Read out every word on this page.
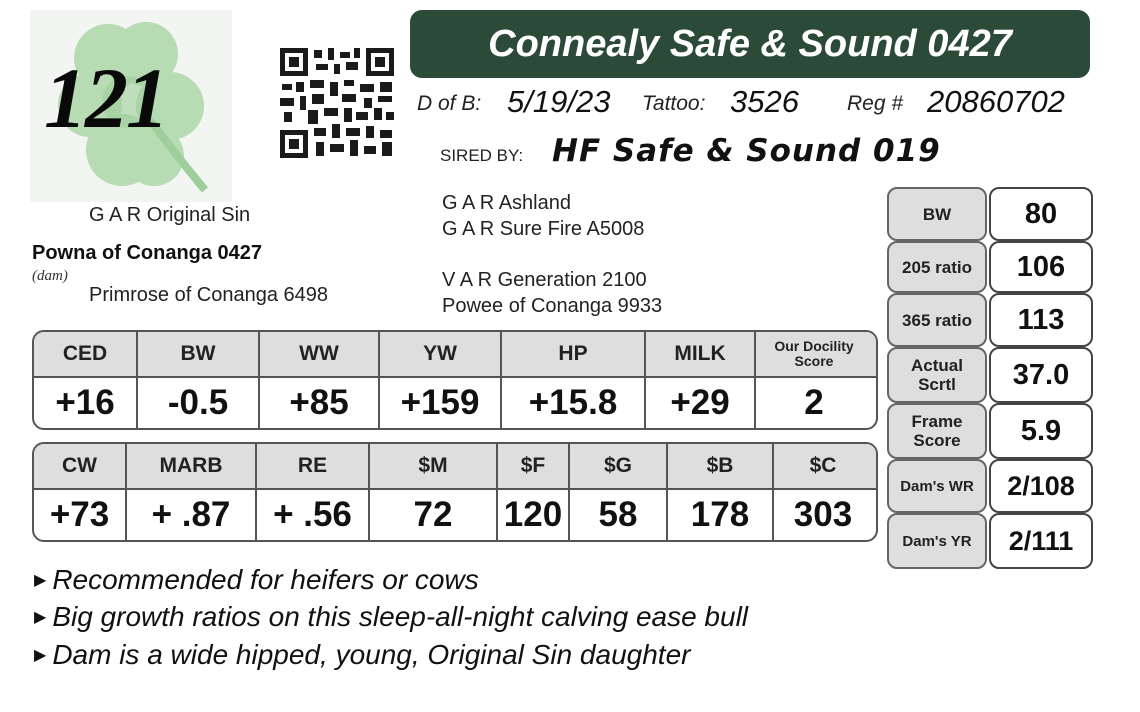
121
Connealy Safe & Sound 0427
D of B: 5/19/23 Tattoo: 3526 Reg # 20860702
SIRED BY: HF Safe & Sound 019
G A R Original Sin
Powna of Conanga 0427
(dam)
Primrose of Conanga 6498
G A R Ashland
G A R Sure Fire A5008
V A R Generation 2100
Powee of Conanga 9933
CED	BW	WW	YW	HP	MILK	Our Docility Score
+16	-0.5	+85	+159	+15.8	+29	2
CW	MARB	RE	$M	$F	$G	$B	$C
+73	+ .87	+ .56	72	120	58	178	303
BW	80
205 ratio	106
365 ratio	113
Actual Scrtl	37.0
Frame Score	5.9
Dam's WR	2/108
Dam's YR	2/111
▶ Recommended for heifers or cows
▶ Big growth ratios on this sleep-all-night calving ease bull
▶ Dam is a wide hipped, young, Original Sin daughter
